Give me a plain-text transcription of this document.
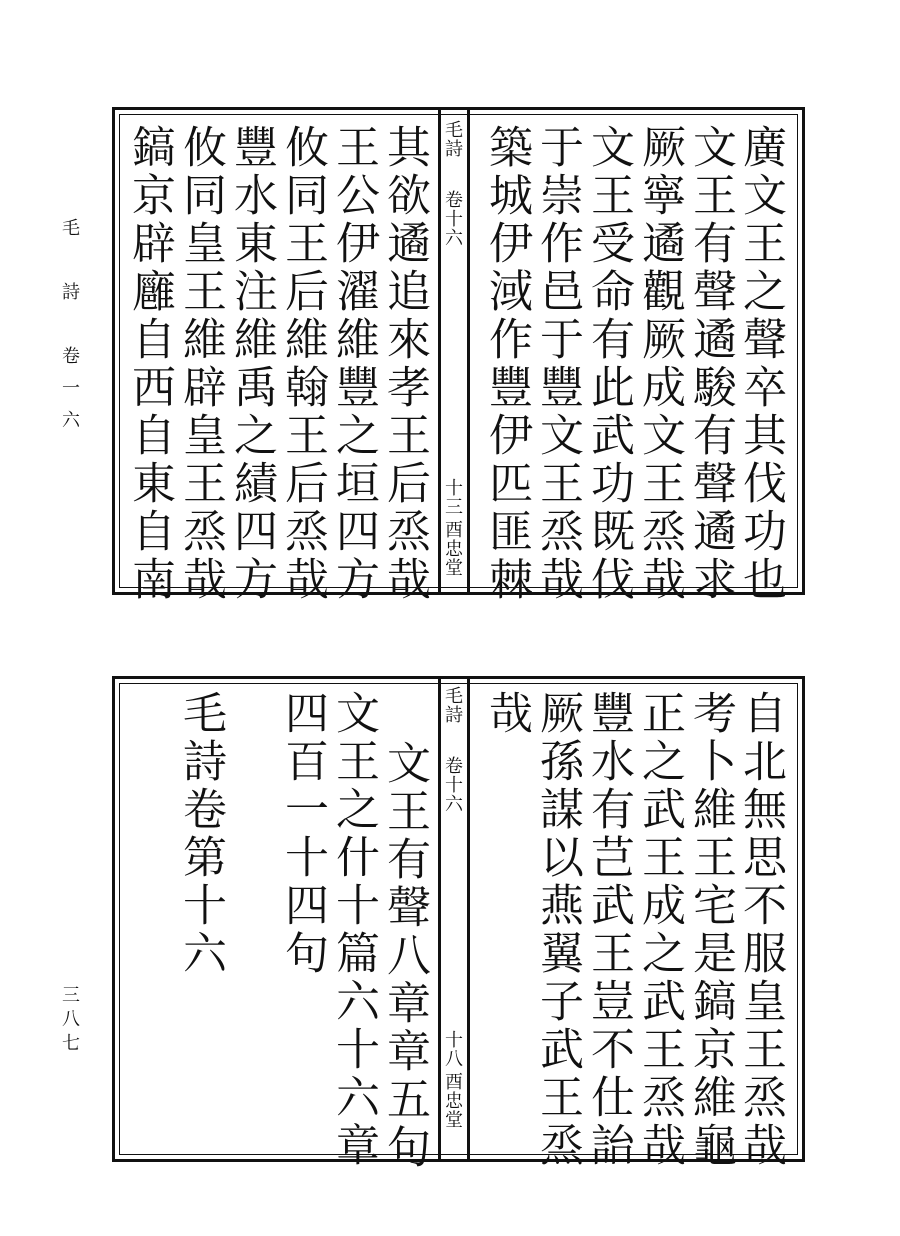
毛　詩　卷一六
三八七
廣文王之聲卒其伐功也
文王有聲遹駿有聲遹求
厥寧遹觀厥成文王烝哉
文王受命有此武功既伐
于崇作邑于豐文王烝哉
築城伊淢作豐伊匹匪棘
毛詩
卷十六
十三
酉忠堂
其欲遹追來孝王后烝哉
王公伊濯維豐之垣四方
攸同王后維翰王后烝哉
豐水東注維禹之績四方
攸同皇王維辟皇王烝哉
鎬京辟廱自西自東自南
自北無思不服皇王烝哉
考卜維王宅是鎬京維龜
正之武王成之武王烝哉
豐水有芑武王豈不仕詒
厥孫謀以燕翼子武王烝
哉
毛詩
卷十六
十八
酉忠堂
文王有聲八章章五句
文王之什十篇六十六章
四百一十四句
毛詩卷第十六
